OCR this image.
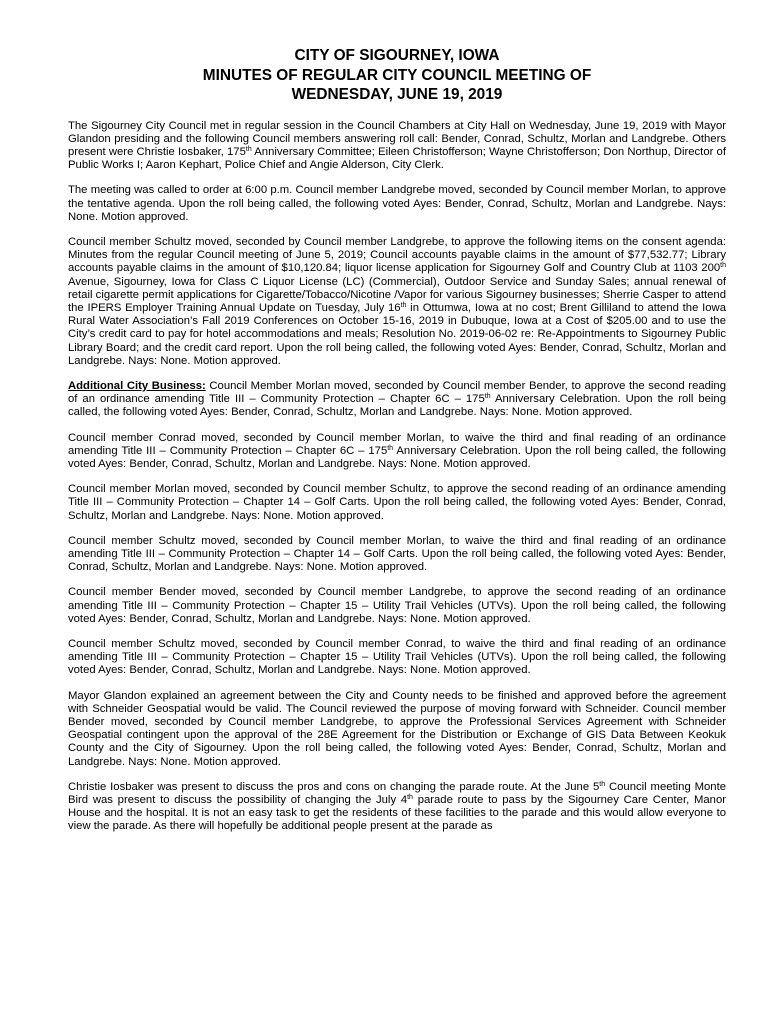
CITY OF SIGOURNEY, IOWA
MINUTES OF REGULAR CITY COUNCIL MEETING OF
WEDNESDAY, JUNE 19, 2019

The Sigourney City Council met in regular session in the Council Chambers at City Hall on Wednesday, June 19, 2019 with Mayor Glandon presiding and the following Council members answering roll call: Bender, Conrad, Schultz, Morlan and Landgrebe. Others present were Christie Iosbaker, 175th Anniversary Committee; Eileen Christofferson; Wayne Christofferson; Don Northup, Director of Public Works I; Aaron Kephart, Police Chief and Angie Alderson, City Clerk.

The meeting was called to order at 6:00 p.m. Council member Landgrebe moved, seconded by Council member Morlan, to approve the tentative agenda. Upon the roll being called, the following voted Ayes: Bender, Conrad, Schultz, Morlan and Landgrebe. Nays: None. Motion approved.

Council member Schultz moved, seconded by Council member Landgrebe, to approve the following items on the consent agenda: Minutes from the regular Council meeting of June 5, 2019; Council accounts payable claims in the amount of $77,532.77; Library accounts payable claims in the amount of $10,120.84; liquor license application for Sigourney Golf and Country Club at 1103 200th Avenue, Sigourney, Iowa for Class C Liquor License (LC) (Commercial), Outdoor Service and Sunday Sales; annual renewal of retail cigarette permit applications for Cigarette/Tobacco/Nicotine /Vapor for various Sigourney businesses; Sherrie Casper to attend the IPERS Employer Training Annual Update on Tuesday, July 16th in Ottumwa, Iowa at no cost; Brent Gilliland to attend the Iowa Rural Water Association’s Fall 2019 Conferences on October 15-16, 2019 in Dubuque, Iowa at a Cost of $205.00 and to use the City’s credit card to pay for hotel accommodations and meals; Resolution No. 2019-06-02 re: Re-Appointments to Sigourney Public Library Board; and the credit card report. Upon the roll being called, the following voted Ayes: Bender, Conrad, Schultz, Morlan and Landgrebe. Nays: None. Motion approved.

Additional City Business: Council Member Morlan moved, seconded by Council member Bender, to approve the second reading of an ordinance amending Title III – Community Protection – Chapter 6C – 175th Anniversary Celebration. Upon the roll being called, the following voted Ayes: Bender, Conrad, Schultz, Morlan and Landgrebe. Nays: None. Motion approved.

Council member Conrad moved, seconded by Council member Morlan, to waive the third and final reading of an ordinance amending Title III – Community Protection – Chapter 6C – 175th Anniversary Celebration. Upon the roll being called, the following voted Ayes: Bender, Conrad, Schultz, Morlan and Landgrebe. Nays: None. Motion approved.

Council member Morlan moved, seconded by Council member Schultz, to approve the second reading of an ordinance amending Title III – Community Protection – Chapter 14 – Golf Carts. Upon the roll being called, the following voted Ayes: Bender, Conrad, Schultz, Morlan and Landgrebe. Nays: None. Motion approved.

Council member Schultz moved, seconded by Council member Morlan, to waive the third and final reading of an ordinance amending Title III – Community Protection – Chapter 14 – Golf Carts. Upon the roll being called, the following voted Ayes: Bender, Conrad, Schultz, Morlan and Landgrebe. Nays: None. Motion approved.

Council member Bender moved, seconded by Council member Landgrebe, to approve the second reading of an ordinance amending Title III – Community Protection – Chapter 15 – Utility Trail Vehicles (UTVs). Upon the roll being called, the following voted Ayes: Bender, Conrad, Schultz, Morlan and Landgrebe. Nays: None. Motion approved.

Council member Schultz moved, seconded by Council member Conrad, to waive the third and final reading of an ordinance amending Title III – Community Protection – Chapter 15 – Utility Trail Vehicles (UTVs). Upon the roll being called, the following voted Ayes: Bender, Conrad, Schultz, Morlan and Landgrebe. Nays: None. Motion approved.

Mayor Glandon explained an agreement between the City and County needs to be finished and approved before the agreement with Schneider Geospatial would be valid. The Council reviewed the purpose of moving forward with Schneider. Council member Bender moved, seconded by Council member Landgrebe, to approve the Professional Services Agreement with Schneider Geospatial contingent upon the approval of the 28E Agreement for the Distribution or Exchange of GIS Data Between Keokuk County and the City of Sigourney. Upon the roll being called, the following voted Ayes: Bender, Conrad, Schultz, Morlan and Landgrebe. Nays: None. Motion approved.

Christie Iosbaker was present to discuss the pros and cons on changing the parade route. At the June 5th Council meeting Monte Bird was present to discuss the possibility of changing the July 4th parade route to pass by the Sigourney Care Center, Manor House and the hospital. It is not an easy task to get the residents of these facilities to the parade and this would allow everyone to view the parade. As there will hopefully be additional people present at the parade as
